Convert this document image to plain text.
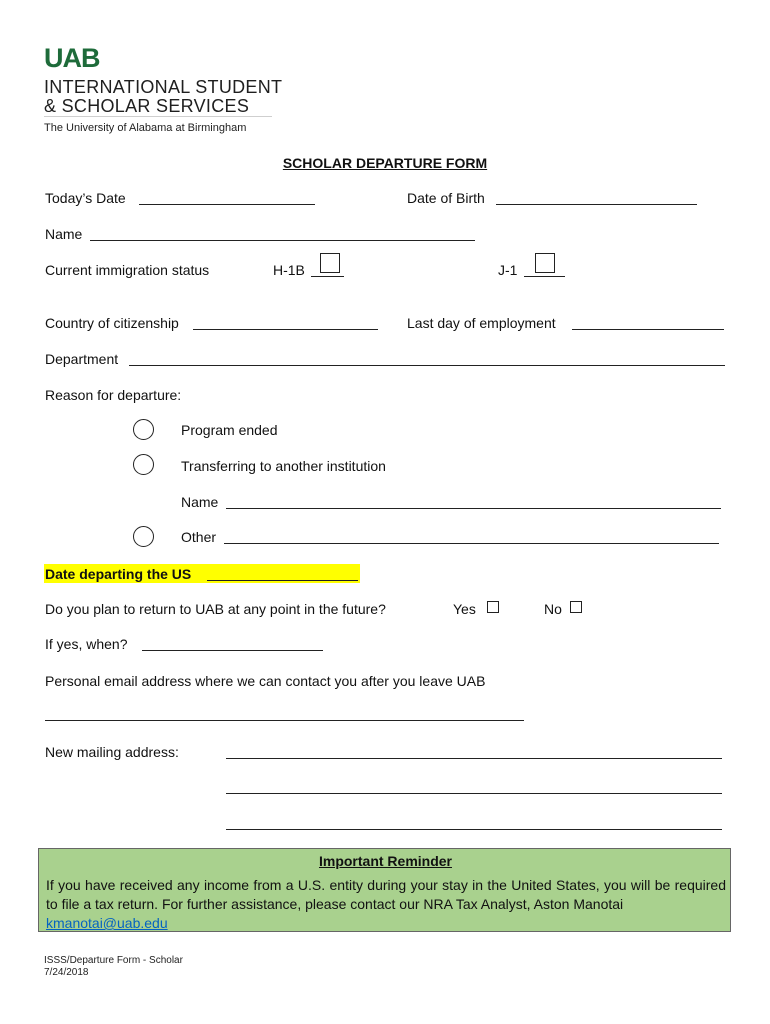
UAB
INTERNATIONAL STUDENT
& SCHOLAR SERVICES
The University of Alabama at Birmingham
SCHOLAR DEPARTURE FORM
Today’s Date	Date of Birth
Name
Current immigration status	H-1B	J-1
Country of citizenship	Last day of employment
Department
Reason for departure:
Program ended
Transferring to another institution
Name
Other
Date departing the US
Do you plan to return to UAB at any point in the future?	Yes	No
If yes, when?
Personal email address where we can contact you after you leave UAB
New mailing address:
Important Reminder
If you have received any income from a U.S. entity during your stay in the United States, you will be required to file a tax return. For further assistance, please contact our NRA Tax Analyst, Aston Manotai
kmanotai@uab.edu
ISSS/Departure Form - Scholar
7/24/2018
